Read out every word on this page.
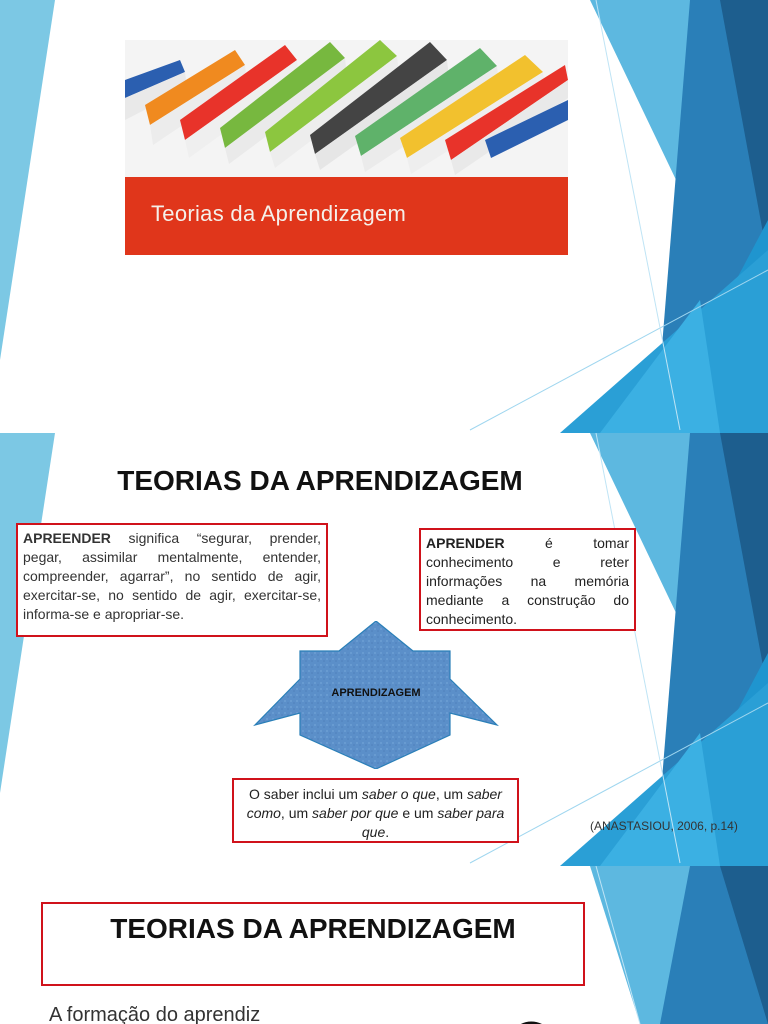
Teorias da Aprendizagem
TEORIAS DA APRENDIZAGEM
APREENDER significa “segurar, prender, pegar, assimilar mentalmente, entender, compreender, agarrar”, no sentido de agir, exercitar-se, no sentido de agir, exercitar-se, informa-se e apropriar-se.
APRENDER é tomar conhecimento e reter informações na memória mediante a construção do conhecimento.
APRENDIZAGEM
O saber inclui um saber o que, um saber como, um saber por que e um saber para que.	(ANASTASIOU, 2006, p.14)
TEORIAS DA APRENDIZAGEM
A formação do aprendiz
